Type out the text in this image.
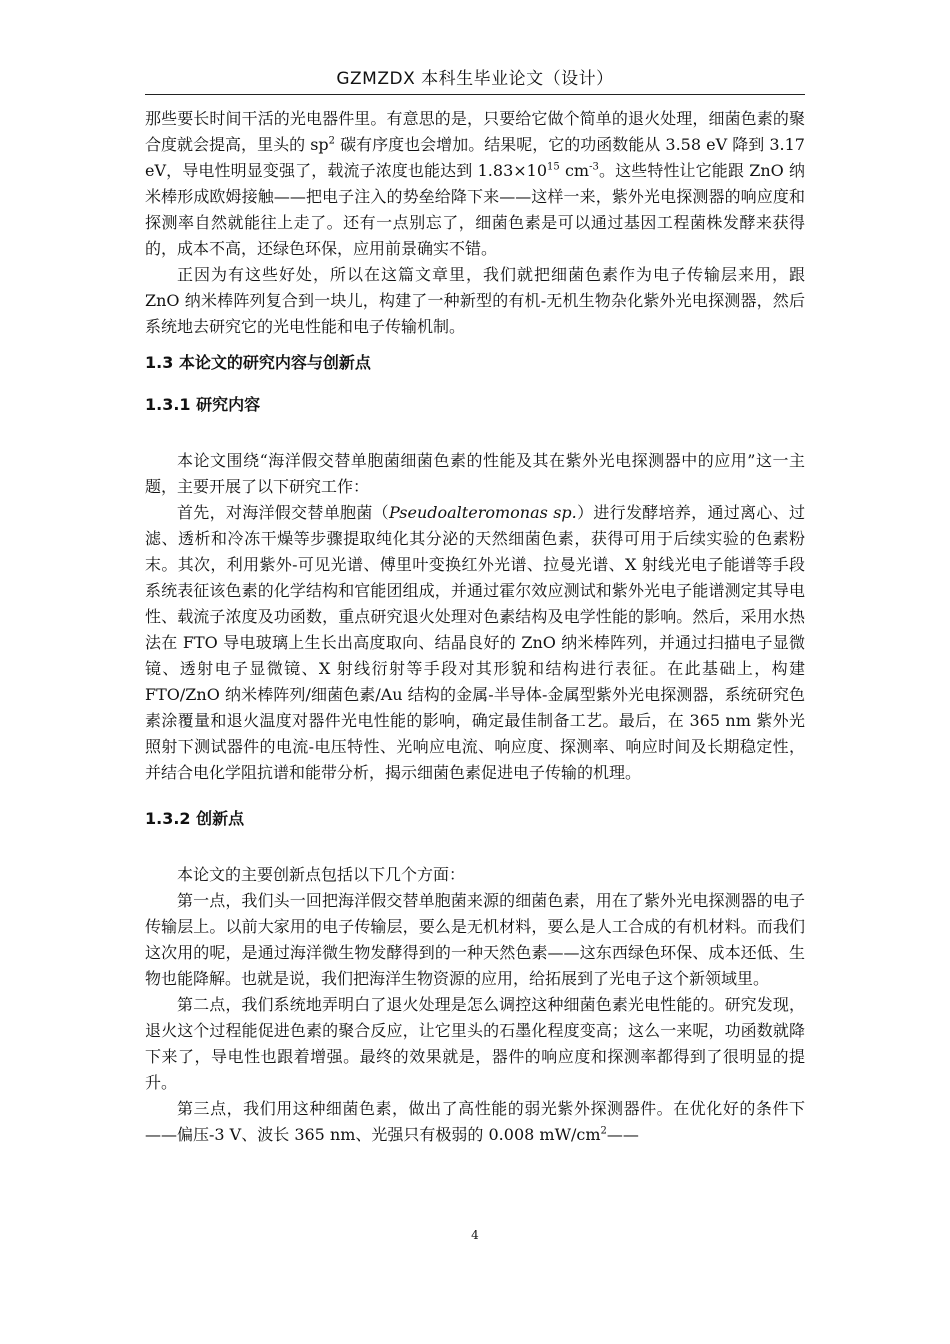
GZMZDX 本科生毕业论文（设计）

那些要长时间干活的光电器件里。有意思的是，只要给它做个简单的退火处理，细菌色素的聚合度就会提高，里头的 $sp^2$ 碳有序度也会增加。结果呢，它的功函数能从 3.58 eV 降到 3.17 eV，导电性明显变强了，载流子浓度也能达到 $1.83\times 10^{15}$ $cm^{-3}$。这些特性让它能跟 ZnO 纳米棒形成欧姆接触——把电子注入的势垒给降下来——这样一来，紫外光电探测器的响应度和探测率自然就能往上走了。还有一点别忘了，细菌色素是可以通过基因工程菌株发酵来获得的，成本不高，还绿色环保，应用前景确实不错。

正因为有这些好处，所以在这篇文章里，我们就把细菌色素作为电子传输层来用，跟 ZnO 纳米棒阵列复合到一块儿，构建了一种新型的有机-无机生物杂化紫外光电探测器，然后系统地去研究它的光电性能和电子传输机制。

1.3 本论文的研究内容与创新点

1.3.1 研究内容

本论文围绕“海洋假交替单胞菌细菌色素的性能及其在紫外光电探测器中的应用”这一主题，主要开展了以下研究工作：

首先，对海洋假交替单胞菌（Pseudoalteromonas sp.）进行发酵培养，通过离心、过滤、透析和冷冻干燥等步骤提取纯化其分泌的天然细菌色素，获得可用于后续实验的色素粉末。其次，利用紫外-可见光谱、傅里叶变换红外光谱、拉曼光谱、X 射线光电子能谱等手段系统表征该色素的化学结构和官能团组成，并通过霍尔效应测试和紫外光电子能谱测定其导电性、载流子浓度及功函数，重点研究退火处理对色素结构及电学性能的影响。然后，采用水热法在 FTO 导电玻璃上生长出高度取向、结晶良好的 ZnO 纳米棒阵列，并通过扫描电子显微镜、透射电子显微镜、X 射线衍射等手段对其形貌和结构进行表征。在此基础上，构建 FTO/ZnO 纳米棒阵列/细菌色素/Au 结构的金属-半导体-金属型紫外光电探测器，系统研究色素涂覆量和退火温度对器件光电性能的影响，确定最佳制备工艺。最后，在 365 nm 紫外光照射下测试器件的电流-电压特性、光响应电流、响应度、探测率、响应时间及长期稳定性，并结合电化学阻抗谱和能带分析，揭示细菌色素促进电子传输的机理。

1.3.2 创新点

本论文的主要创新点包括以下几个方面：

第一点，我们头一回把海洋假交替单胞菌来源的细菌色素，用在了紫外光电探测器的电子传输层上。以前大家用的电子传输层，要么是无机材料，要么是人工合成的有机材料。而我们这次用的呢，是通过海洋微生物发酵得到的一种天然色素——这东西绿色环保、成本还低、生物也能降解。也就是说，我们把海洋生物资源的应用，给拓展到了光电子这个新领域里。

第二点，我们系统地弄明白了退火处理是怎么调控这种细菌色素光电性能的。研究发现，退火这个过程能促进色素的聚合反应，让它里头的石墨化程度变高；这么一来呢，功函数就降下来了，导电性也跟着增强。最终的效果就是，器件的响应度和探测率都得到了很明显的提升。

第三点，我们用这种细菌色素，做出了高性能的弱光紫外探测器件。在优化好的条件下——偏压-3 V、波长 365 nm、光强只有极弱的 0.008 $mW/cm^2——$

4
